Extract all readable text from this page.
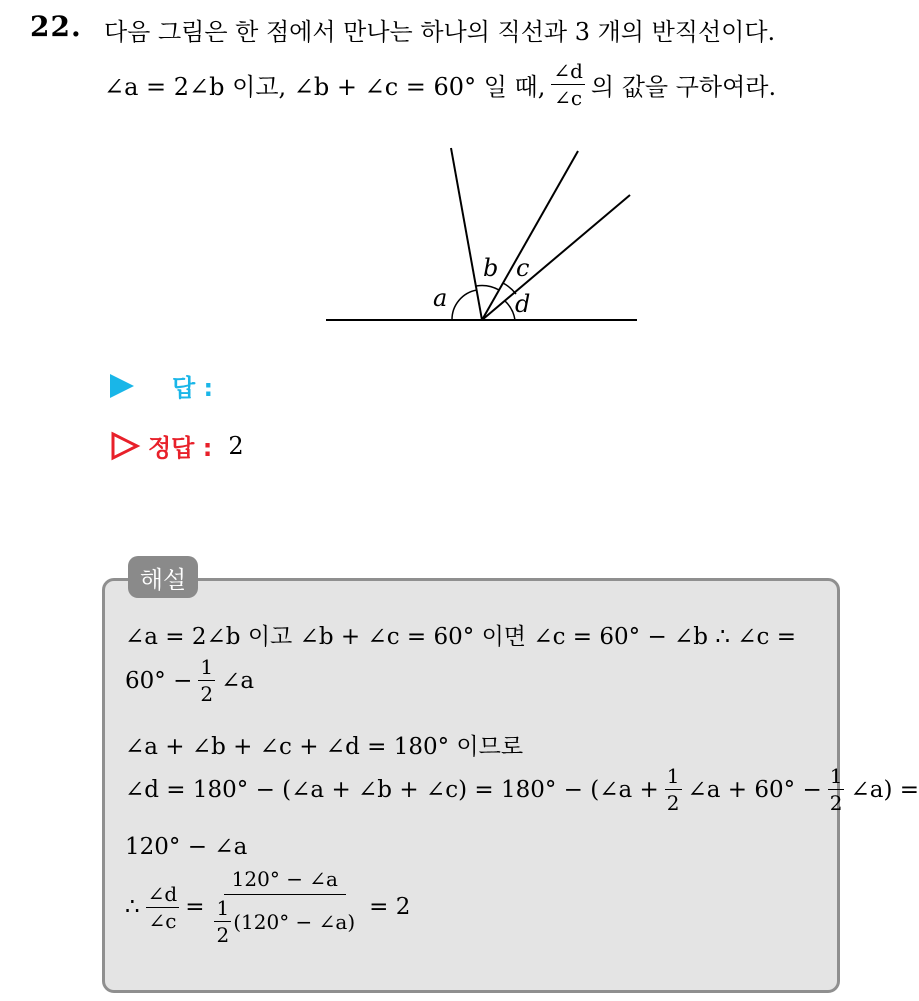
22. 다음 그림은 한 점에서 만나는 하나의 직선과 3 개의 반직선이다.
∠a = 2∠b 이고, ∠b + ∠c = 60° 일 때, $\frac{\angle d}{\angle c}$ 의 값을 구하여라.
a
b c
d
답 :
정답 : 2
해설
∠a = 2∠b 이고 ∠b + ∠c = 60° 이면 ∠c = 60° − ∠b ∴ ∠c =
$60^\circ - \frac{1}{2}$ ∠a
∠a + ∠b + ∠c + ∠d = 180° 이므로
∠d = 180° − (∠a + ∠b + ∠c) = 180° − (∠a + $\frac{1}{2}$ ∠a + $60^\circ - \frac{1}{2}$ ∠a) =
120° − ∠a
∴ $\frac{\angle d}{\angle c} = \frac{120^\circ - \angle a}{\frac{1}{2} (120^\circ - \angle a)} = 2$
